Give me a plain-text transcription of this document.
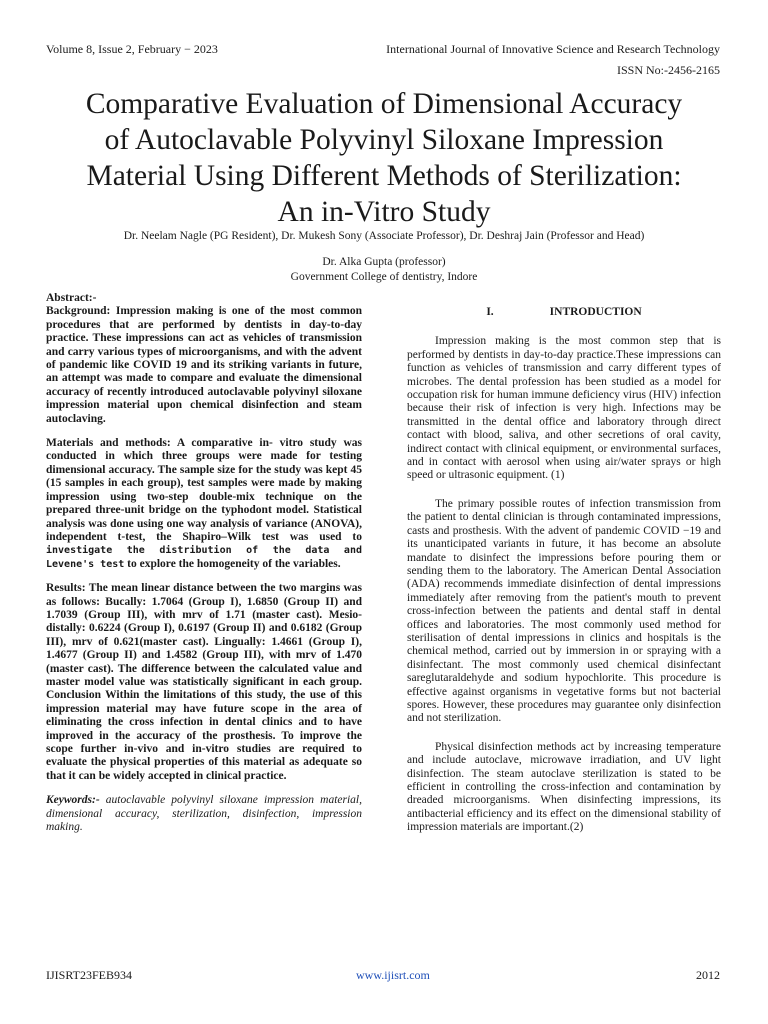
Volume 8, Issue 2, February − 2023	International Journal of Innovative Science and Research Technology
ISSN No:-2456-2165
Comparative Evaluation of Dimensional Accuracy
of Autoclavable Polyvinyl Siloxane Impression
Material Using Different Methods of Sterilization:
An in-Vitro Study
Dr. Neelam Nagle (PG Resident), Dr. Mukesh Sony (Associate Professor), Dr. Deshraj Jain (Professor and Head)
Dr. Alka Gupta (professor)
Government College of dentistry, Indore

Abstract:-

Background: Impression making is one of the most common procedures that are performed by dentists in day-to-day practice. These impressions can act as vehicles of transmission and carry various types of microorganisms, and with the advent of pandemic like COVID 19 and its striking variants in future, an attempt was made to compare and evaluate the dimensional accuracy of recently introduced autoclavable polyvinyl siloxane impression material upon chemical disinfection and steam autoclaving.

Materials and methods: A comparative in- vitro study was conducted in which three groups were made for testing dimensional accuracy. The sample size for the study was kept 45 (15 samples in each group), test samples were made by making impression using two-step double-mix technique on the prepared three-unit bridge on the typhodont model. Statistical analysis was done using one way analysis of variance (ANOVA), independent t-test, the Shapiro–Wilk test was used to investigate the distribution of the data and Levene's test to explore the homogeneity of the variables.

Results: The mean linear distance between the two margins was as follows: Bucally: 1.7064 (Group I), 1.6850 (Group II) and 1.7039 (Group III), with mrv of 1.71 (master cast). Mesio-distally: 0.6224 (Group I), 0.6197 (Group II) and 0.6182 (Group III), mrv of 0.621(master cast). Lingually: 1.4661 (Group I), 1.4677 (Group II) and 1.4582 (Group III), with mrv of 1.470 (master cast). The difference between the calculated value and master model value was statistically significant in each group. Conclusion Within the limitations of this study, the use of this impression material may have future scope in the area of eliminating the cross infection in dental clinics and to have improved in the accuracy of the prosthesis. To improve the scope further in-vivo and in-vitro studies are required to evaluate the physical properties of this material as adequate so that it can be widely accepted in clinical practice.

Keywords:- autoclavable polyvinyl siloxane impression material, dimensional accuracy, sterilization, disinfection, impression making.

I.	INTRODUCTION

Impression making is the most common step that is performed by dentists in day-to-day practice.These impressions can function as vehicles of transmission and carry different types of microbes. The dental profession has been studied as a model for occupation risk for human immune deficiency virus (HIV) infection because their risk of infection is very high. Infections may be transmitted in the dental office and laboratory through direct contact with blood, saliva, and other secretions of oral cavity, indirect contact with clinical equipment, or environmental surfaces, and in contact with aerosol when using air/water sprays or high speed or ultrasonic equipment. (1)

The primary possible routes of infection transmission from the patient to dental clinician is through contaminated impressions, casts and prosthesis. With the advent of pandemic COVID −19 and its unanticipated variants in future, it has become an absolute mandate to disinfect the impressions before pouring them or sending them to the laboratory. The American Dental Association (ADA) recommends immediate disinfection of dental impressions immediately after removing from the patient's mouth to prevent cross-infection between the patients and dental staff in dental offices and laboratories. The most commonly used method for sterilisation of dental impressions in clinics and hospitals is the chemical method, carried out by immersion in or spraying with a disinfectant. The most commonly used chemical disinfectant sareglutaraldehyde and sodium hypochlorite. This procedure is effective against organisms in vegetative forms but not bacterial spores. However, these procedures may guarantee only disinfection and not sterilization.

Physical disinfection methods act by increasing temperature and include autoclave, microwave irradiation, and UV light disinfection. The steam autoclave sterilization is stated to be efficient in controlling the cross-infection and contamination by dreaded microorganisms. When disinfecting impressions, its antibacterial efficiency and its effect on the dimensional stability of impression materials are important.(2)

IJISRT23FEB934	www.ijisrt.com	2012
